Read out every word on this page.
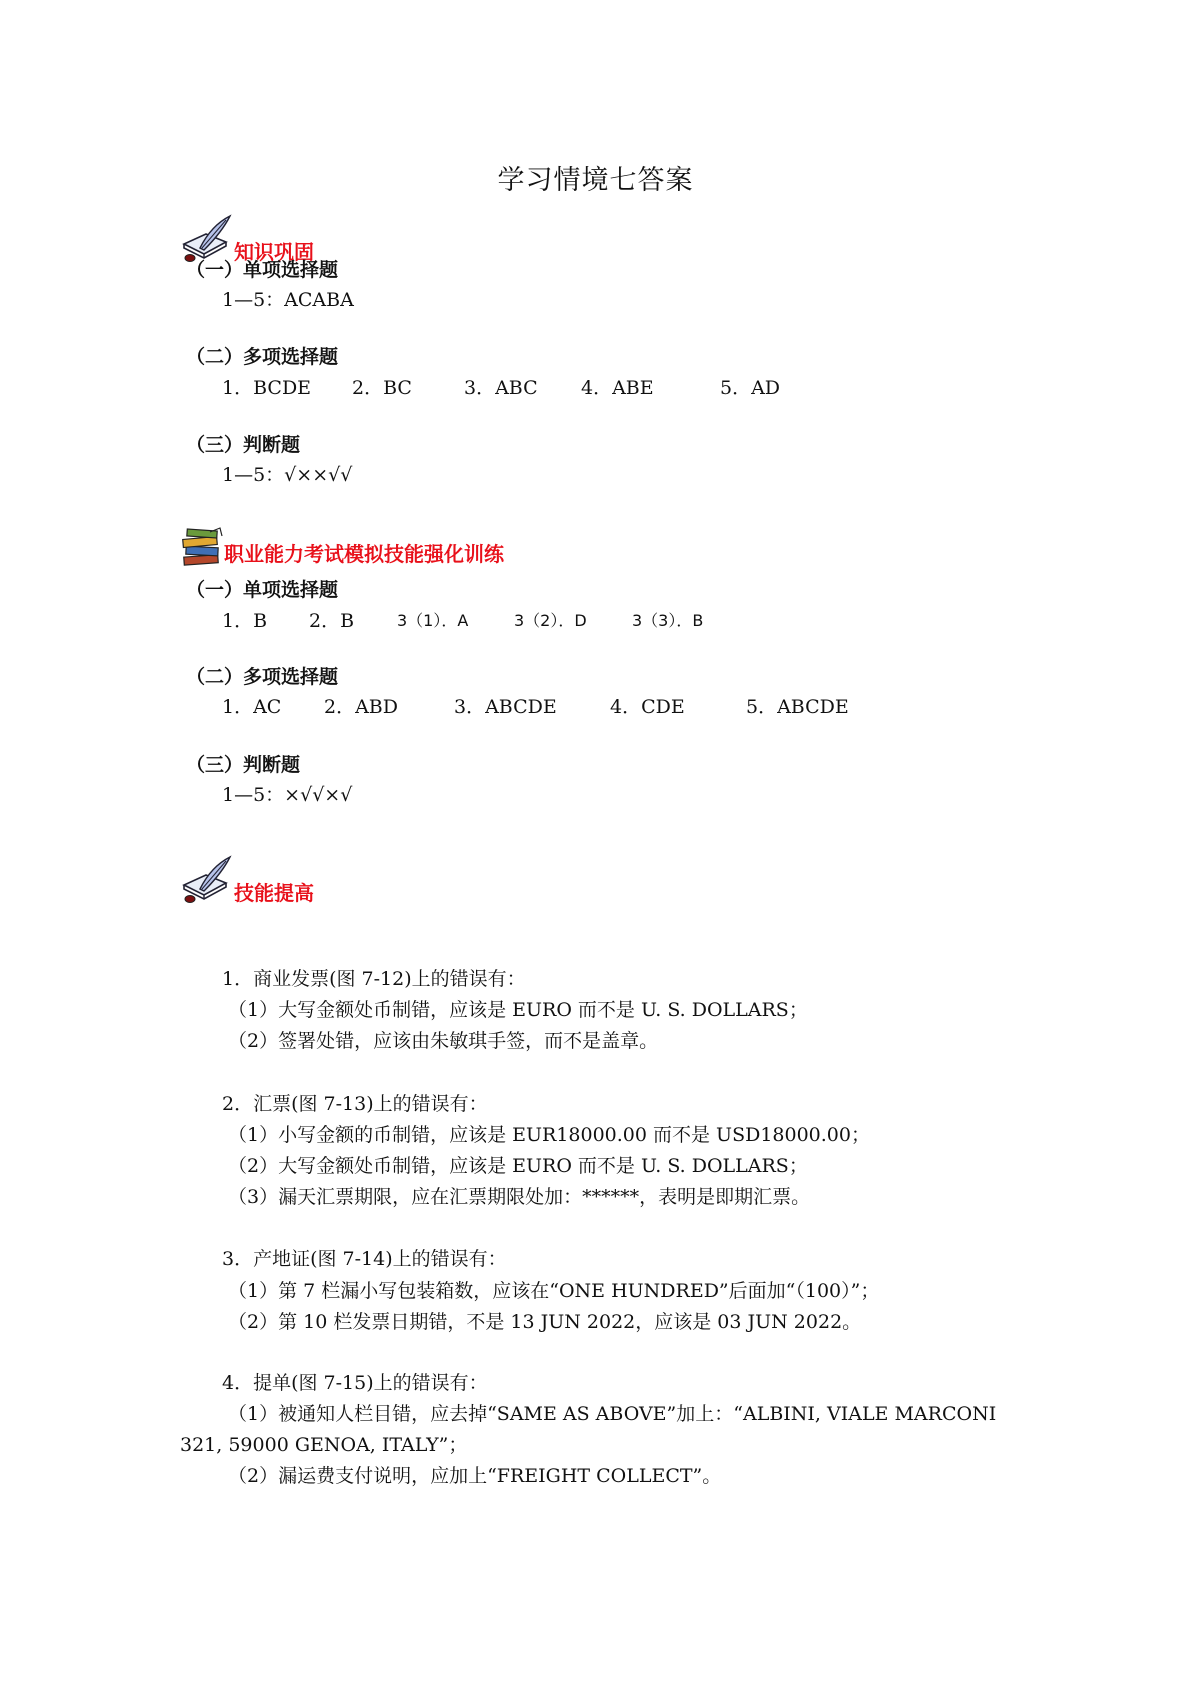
学习情境七答案
知识巩固
（一）单项选择题
1—5：ACABA
（二）多项选择题
1．BCDE 2．BC	3．ABC 4．ABE	5．AD
（三）判断题
1—5：√××√√
职业能力考试模拟技能强化训练
（一）单项选择题
1．B 2．B	3（1）．A	3（2）．D	3（3）．B
（二）多项选择题
1．AC 2．ABD	3．ABCDE	4．CDE	5．ABCDE
（三）判断题
1—5：×√√×√
技能提高
1．商业发票(图 7-12)上的错误有：
（1）大写金额处币制错，应该是 EURO 而不是 U. S. DOLLARS；
（2）签署处错，应该由朱敏琪手签，而不是盖章。
2．汇票(图 7-13)上的错误有：
（1）小写金额的币制错，应该是 EUR18000.00 而不是 USD18000.00；
（2）大写金额处币制错，应该是 EURO 而不是 U. S. DOLLARS；
（3）漏天汇票期限，应在汇票期限处加：******，表明是即期汇票。
3．产地证(图 7-14)上的错误有：
（1）第 7 栏漏小写包装箱数，应该在“ONE HUNDRED”后面加“（100）”；
（2）第 10 栏发票日期错，不是 13 JUN 2022，应该是 03 JUN 2022。
4．提单(图 7-15)上的错误有：
（1）被通知人栏目错，应去掉“SAME AS ABOVE”加上：“ALBINI, VIALE MARCONI
321, 59000 GENOA, ITALY”；
（2）漏运费支付说明，应加上“FREIGHT COLLECT”。
